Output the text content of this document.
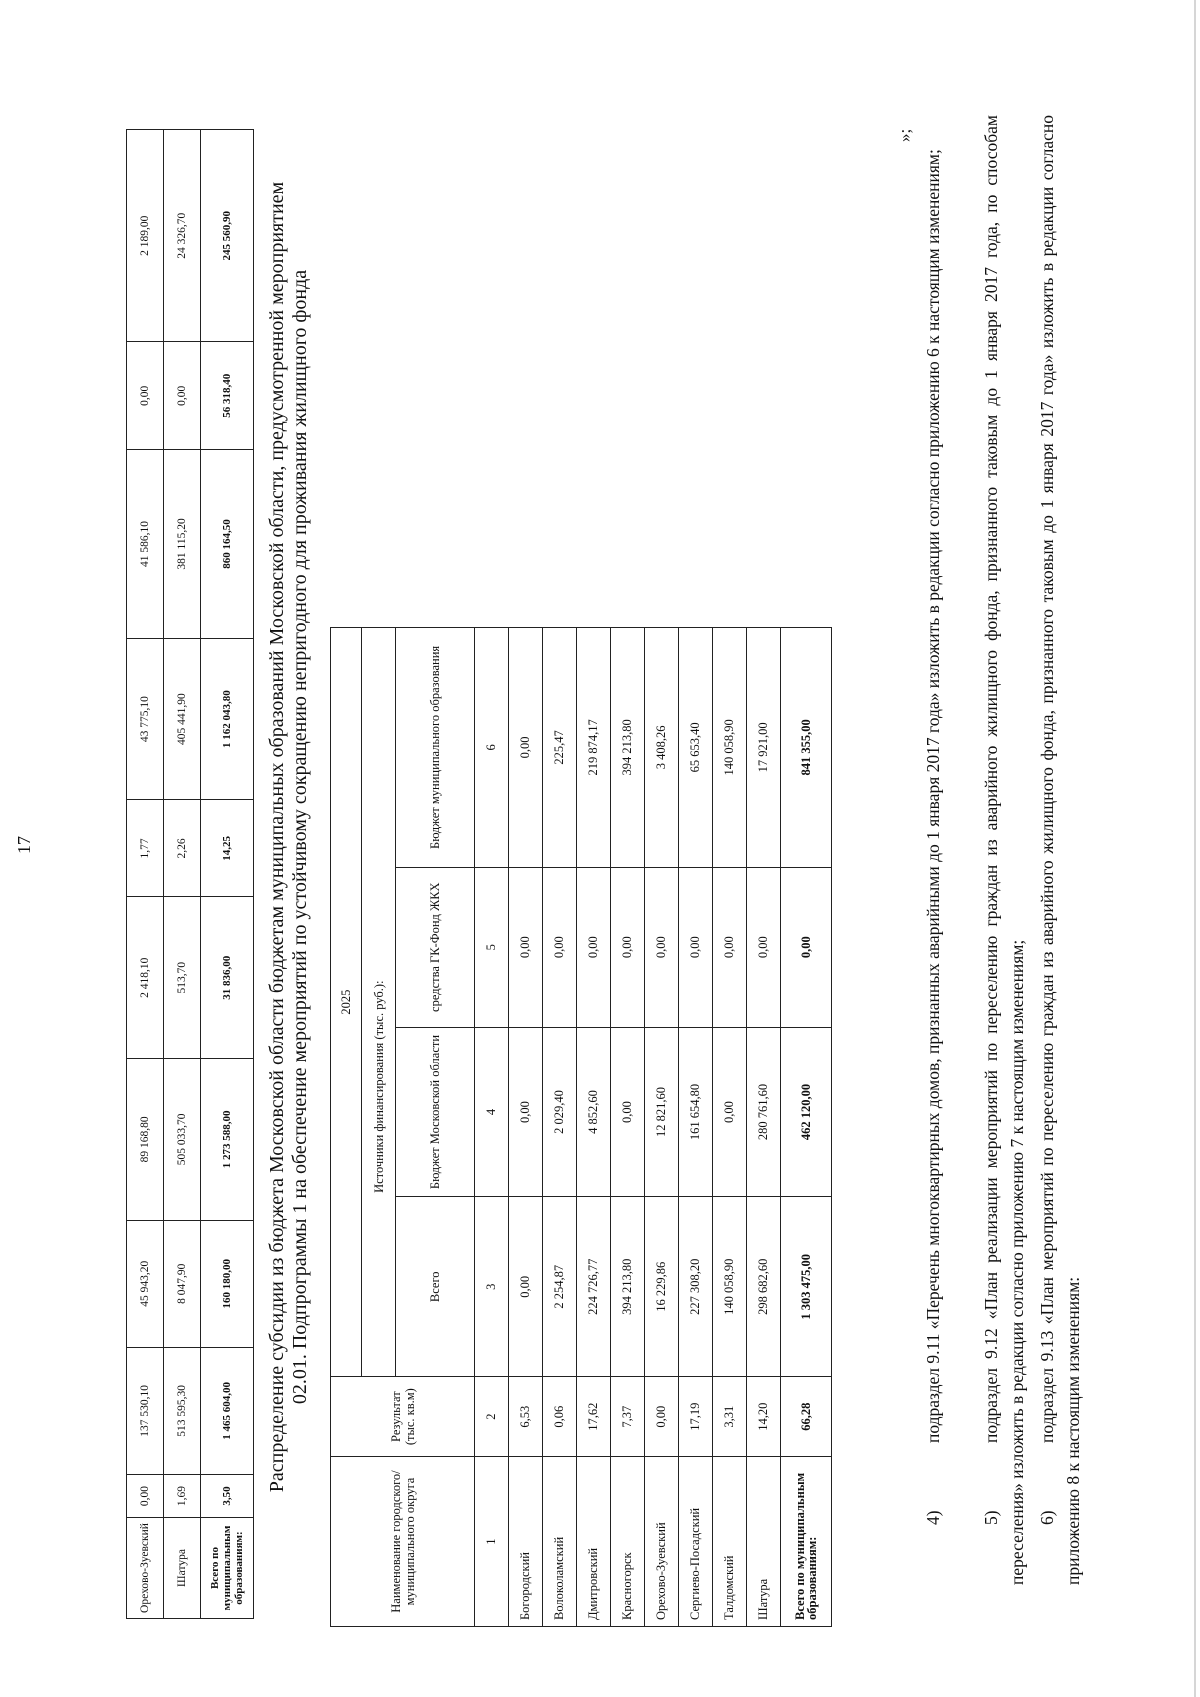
Орехово-Зуевский	0,00	137 530,10	45 943,20	89 168,80	2 418,10	1,77	43 775,10	41 586,10	0,00	2 189,00
Шатура	1,69	513 595,30	8 047,90	505 033,70	513,70	2,26	405 441,90	381 115,20	0,00	24 326,70
Всего по муниципальным образованиям:	3,50	1 465 604,00	160 180,00	1 273 588,00	31 836,00	14,25	1 162 043,80	860 164,50	56 318,40	245 560,90 Распределение субсидии из бюджета Московской области бюджетам муниципальных образований Московской области, предусмотренной мероприятием 02.01. Подпрограммы 1 на обеспечение мероприятий по устойчивому сокращению непригодного для проживания жилищного фонда
Наименование городского/муниципального округа	Результат (тыс. кв.м)	2025			
			Источники финансирования (тыс. руб.):		
		Всего	Бюджет Московской области	средства ГК-Фонд ЖКХ	Бюджет муниципального образования
1	2	3	4	5	6
Богородский	6,53	0,00	0,00	0,00	0,00
Волоколамский	0,06	2 254,87	2 029,40	0,00	225,47
Дмитровский	17,62	224 726,77	4 852,60	0,00	219 874,17
Красногорск	7,37	394 213,80	0,00	0,00	394 213,80
Орехово-Зуевский	0,00	16 229,86	12 821,60	0,00	3 408,26
Сергиево-Посадский	17,19	227 308,20	161 654,80	0,00	65 653,40
Талдомский	3,31	140 058,90	0,00	0,00	140 058,90
Шатура	14,20	298 682,60	280 761,60	0,00	17 921,00
Всего по муниципальным образованиям:	66,28	1 303 475,00	462 120,00	0,00	841 355,00
17
»;
4)подраздел 9.11 «Перечень многоквартирных домов, признанных аварийными до 1 января 2017 года» изложить в редакции согласно приложению 6 к настоящим изменениям;
5)подраздел 9.12 «План реализации мероприятий по переселению граждан из аварийного жилищного фонда, признанного таковым до 1 января 2017 года, по способам переселения» изложить в редакции согласно приложению 7 к настоящим изменениям; 6)подраздел 9.13 «План мероприятий по переселению граждан из аварийного жилищного фонда, признанного таковым до 1 января 2017 года» изложить в редакции согласно приложению 8 к настоящим изменениям:
